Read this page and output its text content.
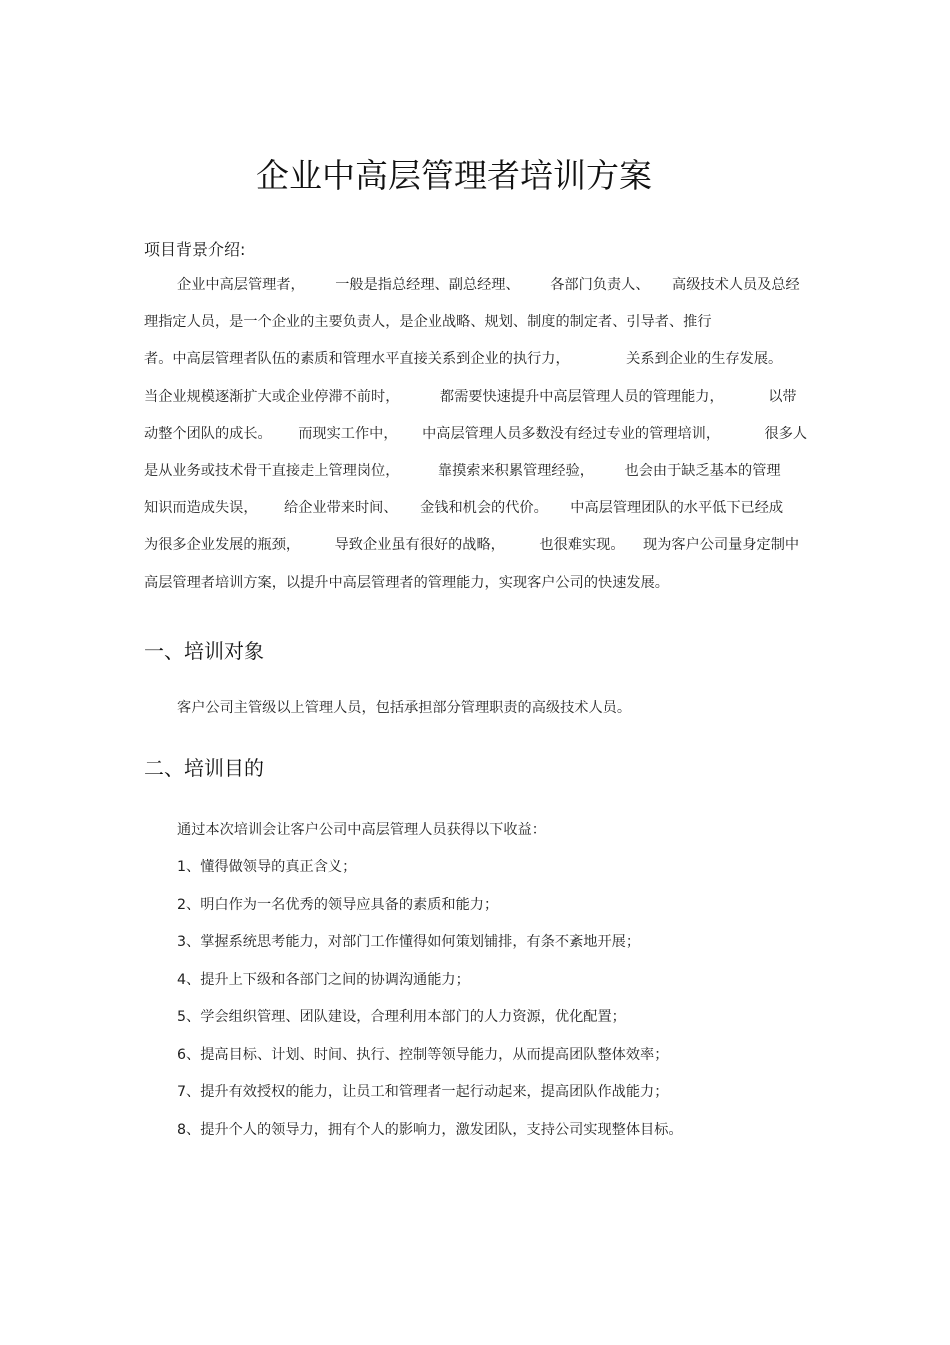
企业中高层管理者培训方案
项目背景介绍:
企业中高层管理者， 一般是指总经理、副总经理、 各部门负责人、 高级技术人员及总经
理指定人员，是一个企业的主要负责人，是企业战略、规划、制度的制定者、引导者、推行
者。中高层管理者队伍的素质和管理水平直接关系到企业的执行力，	关系到企业的生存发展。
当企业规模逐渐扩大或企业停滞不前时，	都需要快速提升中高层管理人员的管理能力，	以带
动整个团队的成长。 而现实工作中， 中高层管理人员多数没有经过专业的管理培训，	很多人
是从业务或技术骨干直接走上管理岗位，	靠摸索来积累管理经验， 也会由于缺乏基本的管理
知识而造成失误， 给企业带来时间、 金钱和机会的代价。 中高层管理团队的水平低下已经成
为很多企业发展的瓶颈， 导致企业虽有很好的战略， 也很难实现。 现为客户公司量身定制中
高层管理者培训方案，以提升中高层管理者的管理能力，实现客户公司的快速发展。
一、培训对象
客户公司主管级以上管理人员，包括承担部分管理职责的高级技术人员。
二、培训目的
通过本次培训会让客户公司中高层管理人员获得以下收益：
1、懂得做领导的真正含义；
2、明白作为一名优秀的领导应具备的素质和能力；
3、掌握系统思考能力，对部门工作懂得如何策划铺排，有条不紊地开展；
4、提升上下级和各部门之间的协调沟通能力；
5、学会组织管理、团队建设，合理利用本部门的人力资源，优化配置；
6、提高目标、计划、时间、执行、控制等领导能力，从而提高团队整体效率；
7、提升有效授权的能力，让员工和管理者一起行动起来，提高团队作战能力；
8、提升个人的领导力，拥有个人的影响力，激发团队，支持公司实现整体目标。
